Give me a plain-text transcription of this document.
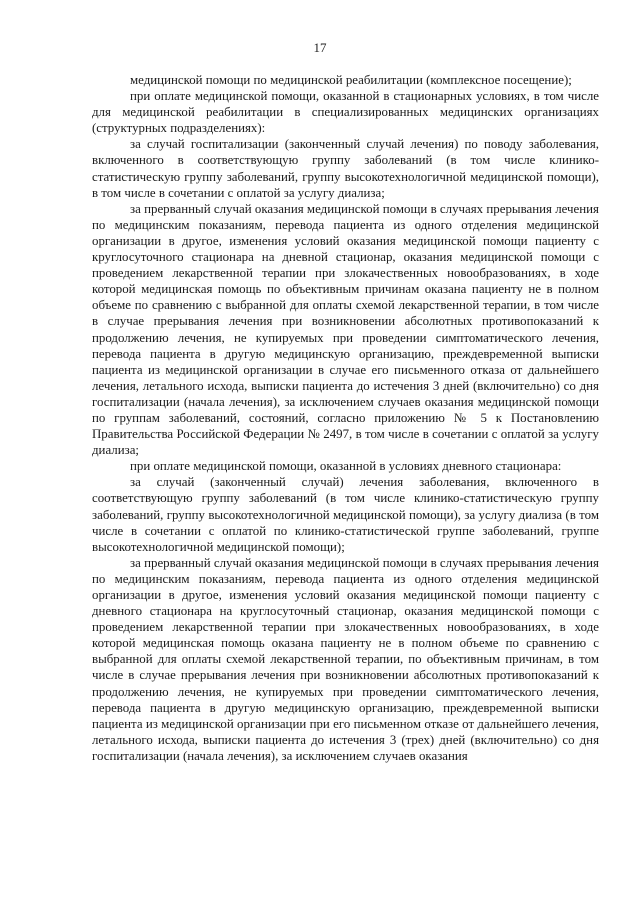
17

медицинской помощи по медицинской реабилитации (комплексное посещение);

при оплате медицинской помощи, оказанной в стационарных условиях, в том числе для медицинской реабилитации в специализированных медицинских организациях (структурных подразделениях):

за случай госпитализации (законченный случай лечения) по поводу заболевания, включенного в соответствующую группу заболеваний (в том числе клинико-статистическую группу заболеваний, группу высокотехнологичной медицинской помощи), в том числе в сочетании с оплатой за услугу диализа;

за прерванный случай оказания медицинской помощи в случаях прерывания лечения по медицинским показаниям, перевода пациента из одного отделения медицинской организации в другое, изменения условий оказания медицинской помощи пациенту с круглосуточного стационара на дневной стационар, оказания медицинской помощи с проведением лекарственной терапии при злокачественных новообразованиях, в ходе которой медицинская помощь по объективным причинам оказана пациенту не в полном объеме по сравнению с выбранной для оплаты схемой лекарственной терапии, в том числе в случае прерывания лечения при возникновении абсолютных противопоказаний к продолжению лечения, не купируемых при проведении симптоматического лечения, перевода пациента в другую медицинскую организацию, преждевременной выписки пациента из медицинской организации в случае его письменного отказа от дальнейшего лечения, летального исхода, выписки пациента до истечения 3 дней (включительно) со дня госпитализации (начала лечения), за исключением случаев оказания медицинской помощи по группам заболеваний, состояний, согласно приложению № 5 к Постановлению Правительства Российской Федерации № 2497, в том числе в сочетании с оплатой за услугу диализа;

при оплате медицинской помощи, оказанной в условиях дневного стационара:

за случай (законченный случай) лечения заболевания, включенного в соответствующую группу заболеваний (в том числе клинико-статистическую группу заболеваний, группу высокотехнологичной медицинской помощи), за услугу диализа (в том числе в сочетании с оплатой по клинико-статистической группе заболеваний, группе высокотехнологичной медицинской помощи);

за прерванный случай оказания медицинской помощи в случаях прерывания лечения по медицинским показаниям, перевода пациента из одного отделения медицинской организации в другое, изменения условий оказания медицинской помощи пациенту с дневного стационара на круглосуточный стационар, оказания медицинской помощи с проведением лекарственной терапии при злокачественных новообразованиях, в ходе которой медицинская помощь оказана пациенту не в полном объеме по сравнению с выбранной для оплаты схемой лекарственной терапии, по объективным причинам, в том числе в случае прерывания лечения при возникновении абсолютных противопоказаний к продолжению лечения, не купируемых при проведении симптоматического лечения, перевода пациента в другую медицинскую организацию, преждевременной выписки пациента из медицинской организации при его письменном отказе от дальнейшего лечения, летального исхода, выписки пациента до истечения 3 (трех) дней (включительно) со дня госпитализации (начала лечения), за исключением случаев оказания
